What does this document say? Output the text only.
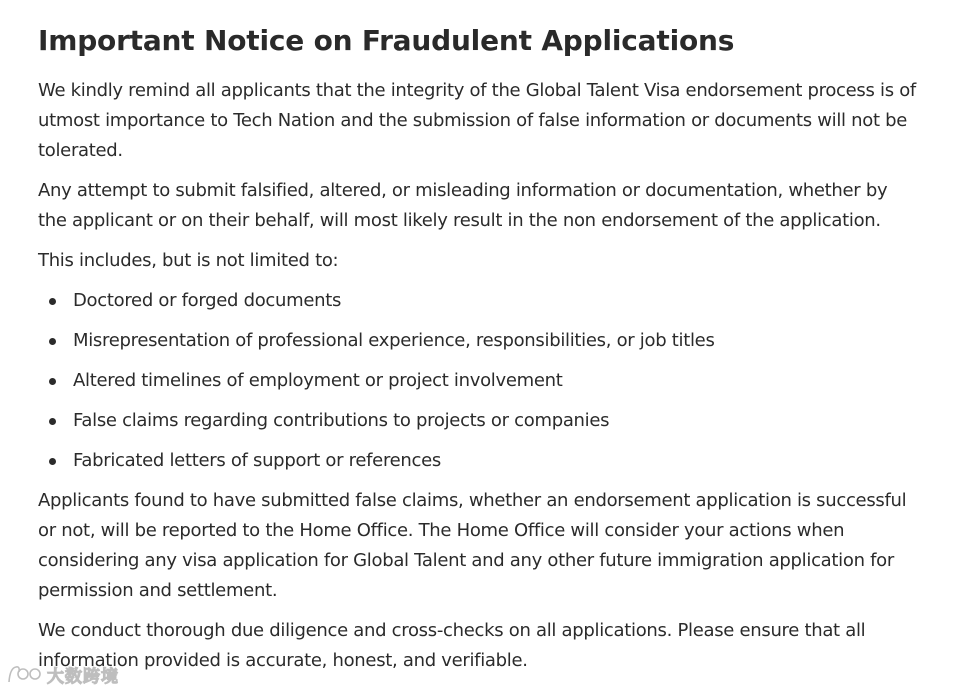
Important Notice on Fraudulent Applications

We kindly remind all applicants that the integrity of the Global Talent Visa endorsement process is of utmost importance to Tech Nation and the submission of false information or documents will not be tolerated.

Any attempt to submit falsified, altered, or misleading information or documentation, whether by the applicant or on their behalf, will most likely result in the non endorsement of the application.

This includes, but is not limited to:

Doctored or forged documents
Misrepresentation of professional experience, responsibilities, or job titles
Altered timelines of employment or project involvement
False claims regarding contributions to projects or companies
Fabricated letters of support or references

Applicants found to have submitted false claims, whether an endorsement application is successful or not, will be reported to the Home Office. The Home Office will consider your actions when considering any visa application for Global Talent and any other future immigration application for permission and settlement.

We conduct thorough due diligence and cross-checks on all applications. Please ensure that all information provided is accurate, honest, and verifiable.

大数跨境
